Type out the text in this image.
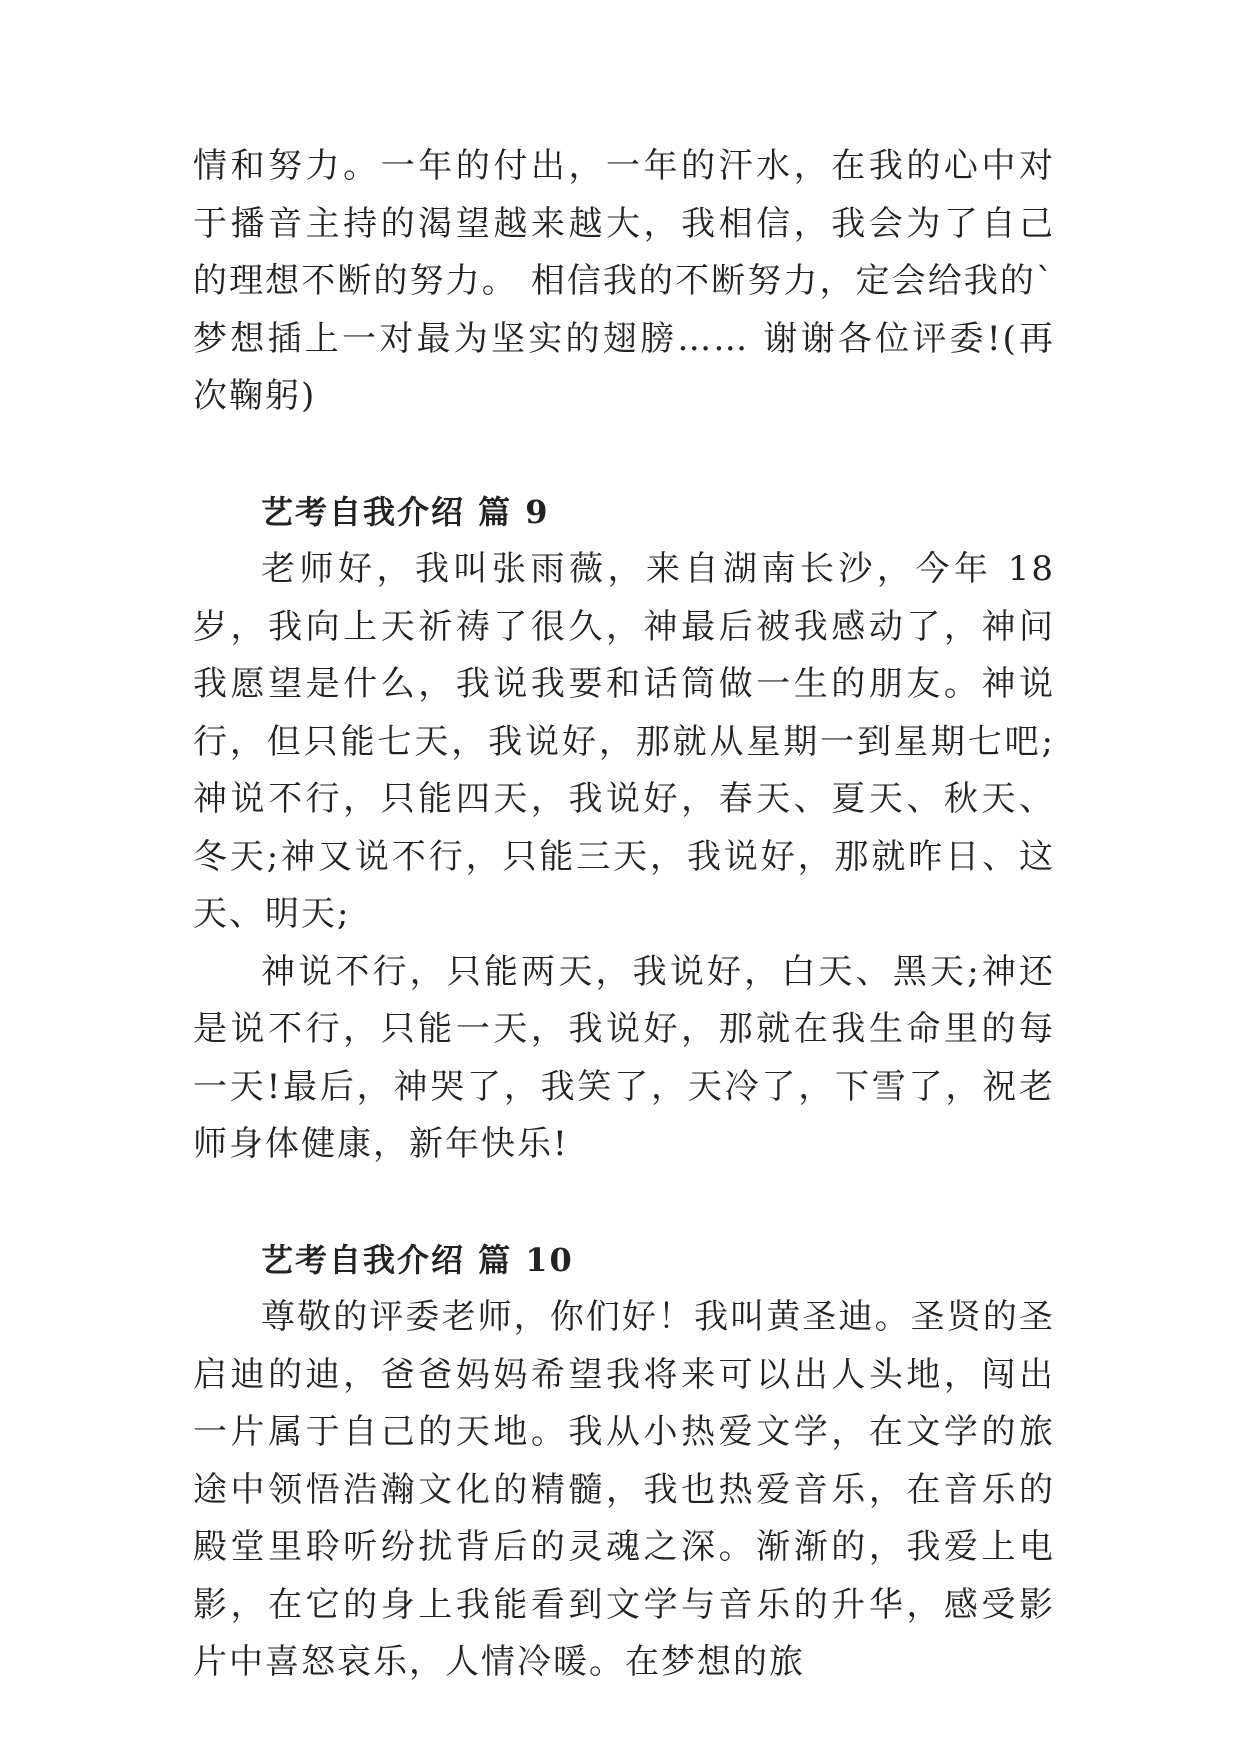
情和努力。一年的付出，一年的汗水，在我的心中对于播音主持的渴望越来越大，我相信，我会为了自己的理想不断的努力。 相信我的不断努力，定会给我的`梦想插上一对最为坚实的翅膀…… 谢谢各位评委!(再次鞠躬)

艺考自我介绍 篇 9

老师好，我叫张雨薇，来自湖南长沙，今年 18 岁，我向上天祈祷了很久，神最后被我感动了，神问我愿望是什么，我说我要和话筒做一生的朋友。神说行，但只能七天，我说好，那就从星期一到星期七吧;神说不行，只能四天，我说好，春天、夏天、秋天、冬天;神又说不行，只能三天，我说好，那就昨日、这天、明天;

神说不行，只能两天，我说好，白天、黑天;神还是说不行，只能一天，我说好，那就在我生命里的每一天!最后，神哭了，我笑了，天冷了，下雪了，祝老师身体健康，新年快乐!

艺考自我介绍 篇 10

尊敬的评委老师，你们好！我叫黄圣迪。圣贤的圣启迪的迪，爸爸妈妈希望我将来可以出人头地，闯出一片属于自己的天地。我从小热爱文学，在文学的旅途中领悟浩瀚文化的精髓，我也热爱音乐，在音乐的殿堂里聆听纷扰背后的灵魂之深。渐渐的，我爱上电影，在它的身上我能看到文学与音乐的升华，感受影片中喜怒哀乐，人情冷暖。在梦想的旅
